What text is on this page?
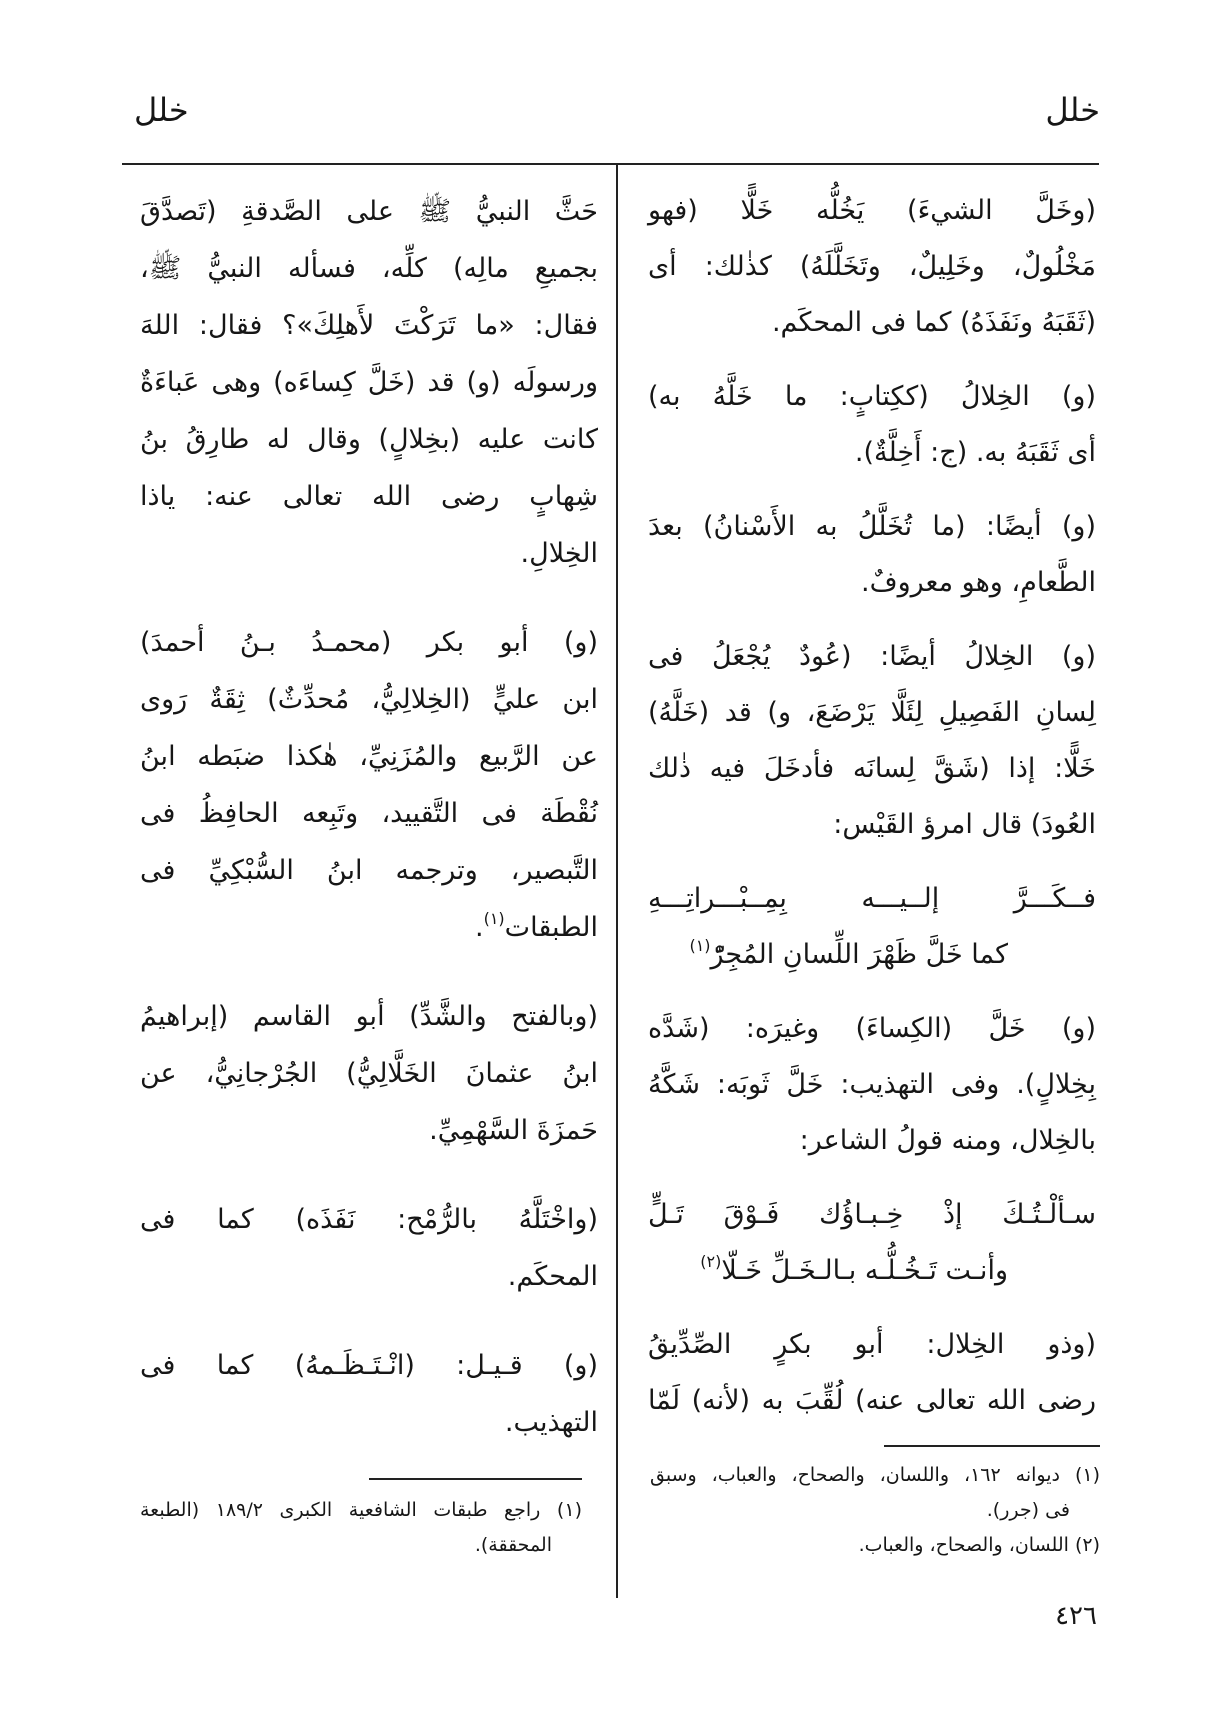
خلل
خلل
(وخَلَّ الشيءَ) يَخُلُّه خَلًّا (فهو
مَخْلُولٌ، وخَلِيلٌ، وتَخَلَّلَهُ) كذٰلك: أى
(ثَقَبَهُ ونَفَذَهُ) كما فى المحكَم.
(و) الخِلالُ (ككِتابٍ: ما خَلَّهُ به)
أى ثَقَبَهُ به. (ج: أَخِلَّةٌ).
(و) أيضًا: (ما تُخَلَّلُ به الأَسْنانُ) بعدَ
الطَّعامِ، وهو معروفٌ.
(و) الخِلالُ أيضًا: (عُودٌ يُجْعَلُ فى
لِسانِ الفَصِيلِ لِئَلَّا يَرْضَعَ، و) قد (خَلَّهُ)
خَلًّا: إذا (شَقَّ لِسانَه فأدخَلَ فيه ذٰلك
العُودَ) قال امرؤ القَيْس:
فــكَـــرَّ إلــيـــه بِمِــبْـــراتِـــهِ
كما خَلَّ ظَهْرَ اللِّسانِ المُجِرّْ$^{(١)}$
(و) خَلَّ (الكِساءَ) وغيرَه: (شَدَّه
بِخِلالٍ). وفى التهذيب: خَلَّ ثَوبَه: شَكَّهُ
بالخِلال، ومنه قولُ الشاعر:
سـألْـتُـكَ إذْ خِـبـاؤُك فَـوْقَ تَـلٍّ
وأنـت تَـخُـلُّـه بـالـخَـلِّ خَـلّا$^{(٢)}$
(وذو الخِلال: أبو بكرٍ الصِّدِّيقُ
رضى الله تعالى عنه) لُقِّبَ به (لأنه) لَمّا
(١) ديوانه ١٦٢، واللسان، والصحاح، والعباب، وسبق
فى (جرر).
(٢) اللسان، والصحاح، والعباب.
حَثَّ النبيُّ ﷺ على الصَّدقةِ (تَصدَّقَ
بجميعِ مالِه) كلِّه، فسأله النبيُّ ﷺ،
فقال: «ما تَرَكْتَ لأَهلِكَ»؟ فقال: اللهَ
ورسولَه (و) قد (خَلَّ كِساءَه) وهى عَباءَةٌ
كانت عليه (بخِلالٍ) وقال له طارِقُ بنُ
شِهابٍ رضى الله تعالى عنه: ياذا
الخِلالِ.
(و) أبو بكر (محمـدُ بـنُ أحمدَ)
ابن عليٍّ (الخِلالِيُّ، مُحدِّثٌ) ثِقَةٌ رَوى
عن الرَّبيع والمُزَنِيِّ، هٰكذا ضبَطه ابنُ
نُقْطَة فى التَّقييد، وتَبِعه الحافِظُ فى
التَّبصير، وترجمه ابنُ السُّبْكِيِّ فى
الطبقات$^{(١)}$.
(وبالفتح والشَّدِّ) أبو القاسم (إبراهيمُ
ابنُ عثمانَ الخَلَّالِيُّ) الجُرْجانِيُّ، عن
حَمزَةَ السَّهْمِيِّ.
(واخْتَلَّهُ بالرُّمْح: نَفَذَه) كما فى
المحكَم.
(و) قـيـل: (انْـتَـظَـمهُ) كما فى
التهذيب.
(١) راجع طبقات الشافعية الكبرى ١٨٩/٢ (الطبعة
المحققة).
٤٢٦
